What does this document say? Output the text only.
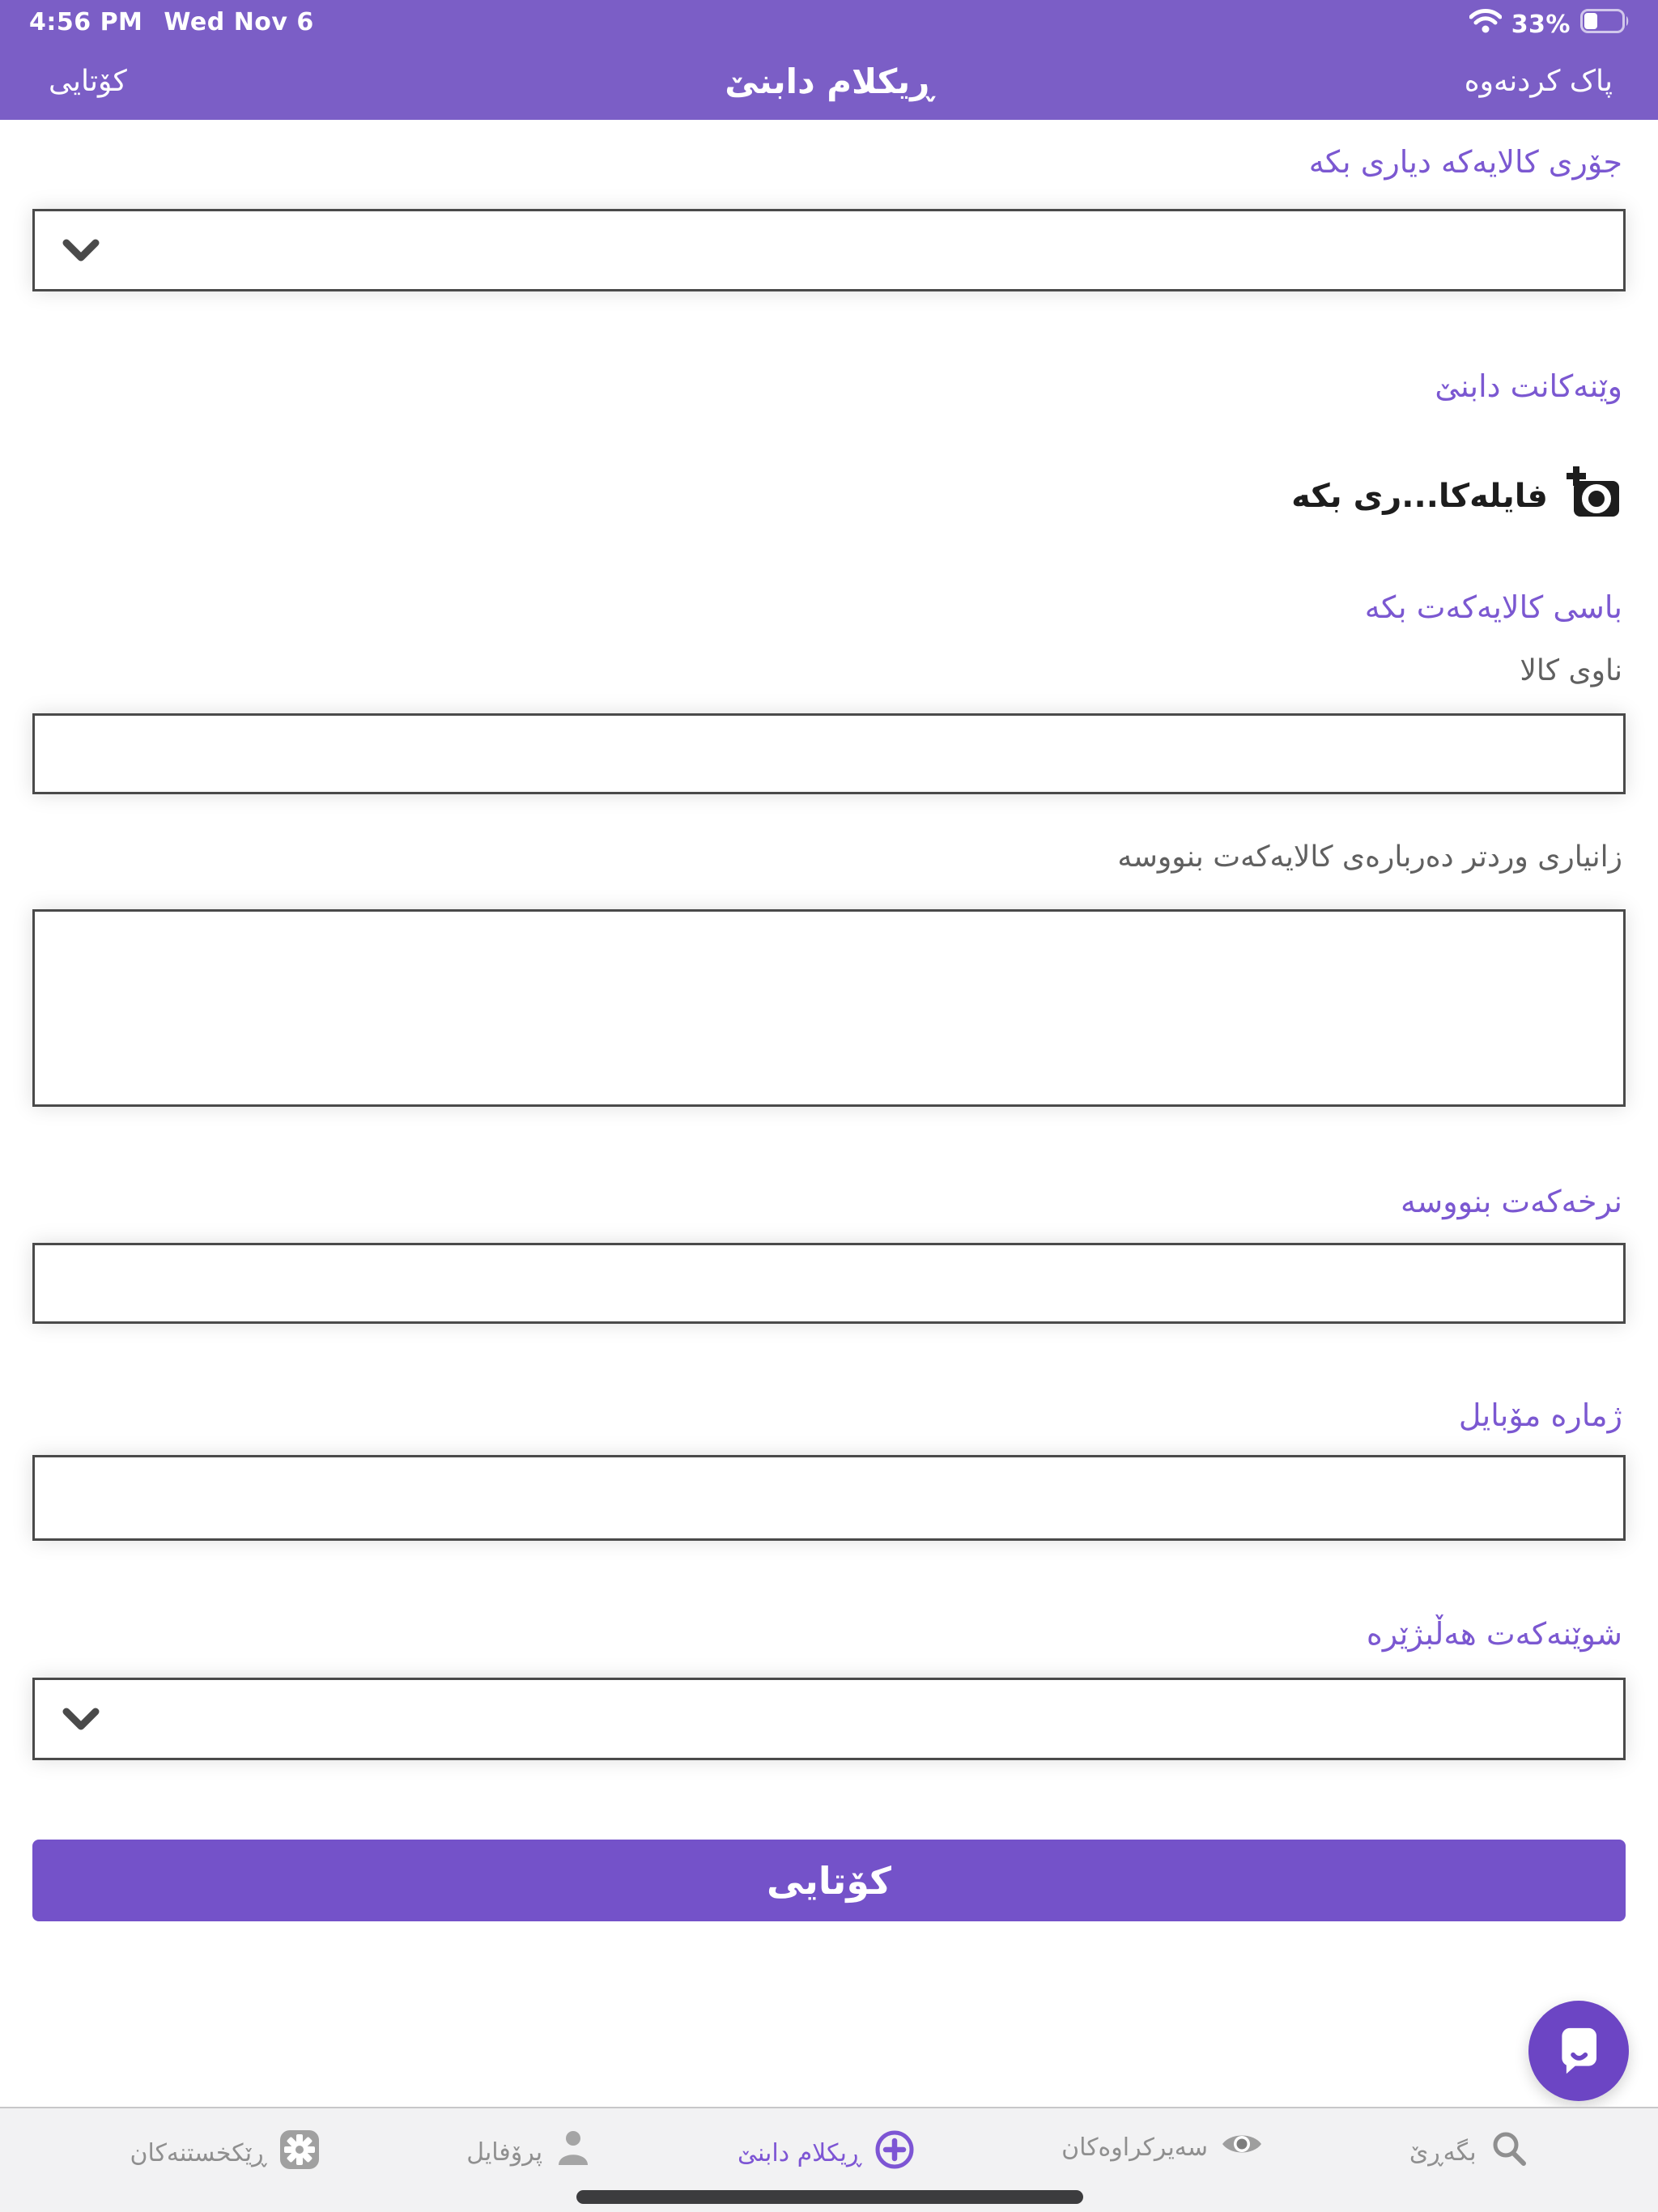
4:56 PM Wed Nov 6	33%
پاک کردنەوە
ڕیکلام دابنێ
کۆتایی
جۆری کالایەکە دیاری بکە
وێنەکانت دابنێ
فایلەکا...ری بکە
باسی کالایەکەت بکە
ناوی کالا
زانیاری وردتر دەربارەی کالایەکەت بنووسە
نرخەکەت بنووسە
ژمارە مۆبایل
شوێنەکەت هەڵبژێرە
کۆتایی
بگەڕێ
سەیرکراوەکان
ڕیکلام دابنێ
پرۆفایل
ڕێکخستنەکان
